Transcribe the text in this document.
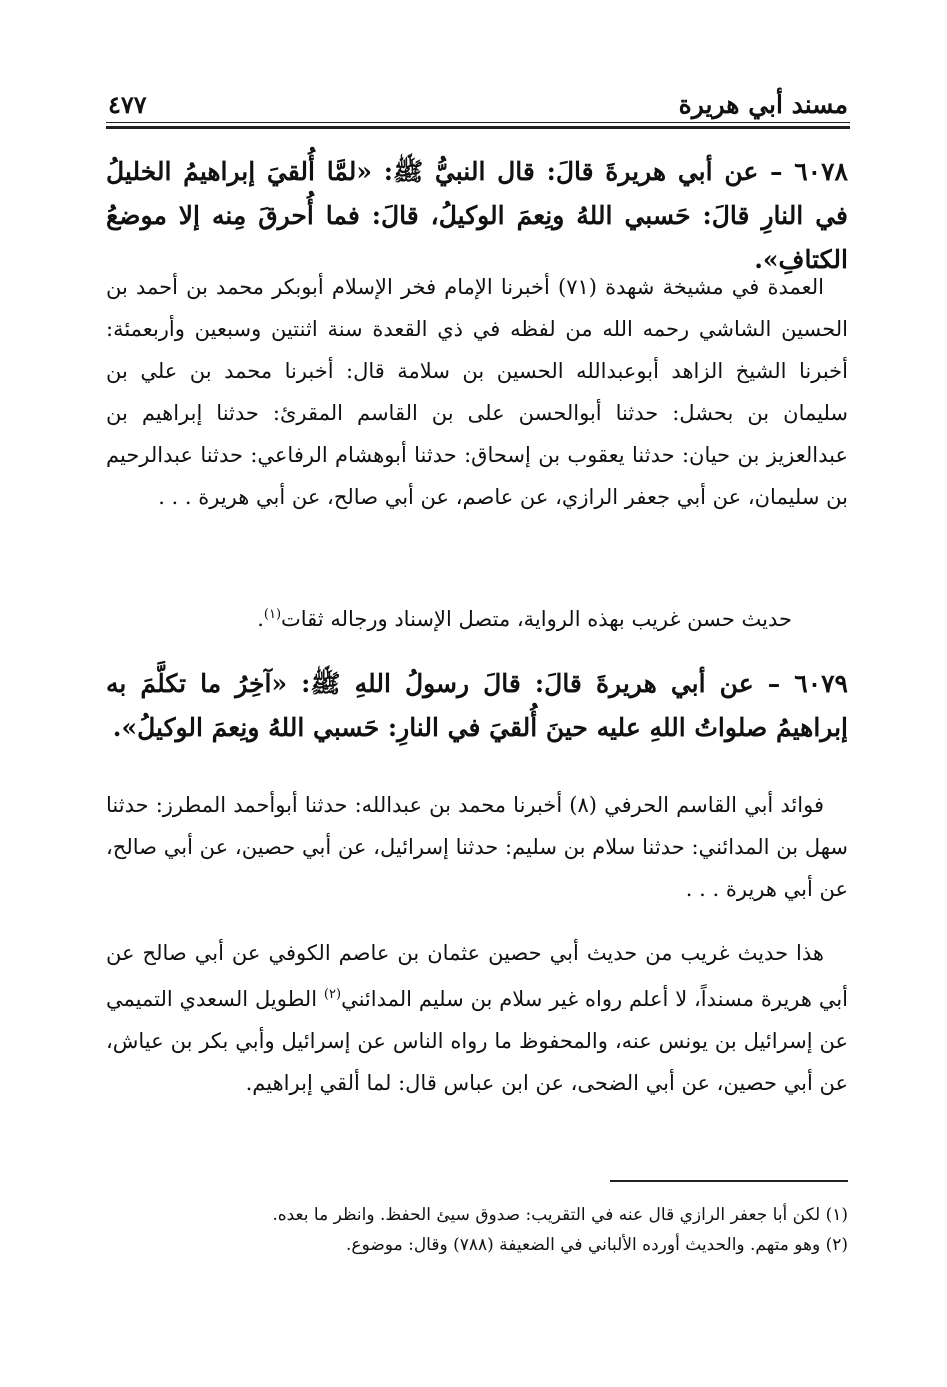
مسند أبي هريرة
٤٧٧
٦٠٧٨ – عن أبي هريرةَ قالَ: قال النبيُّ ﷺ: «لمَّا أُلقيَ إبراهيمُ الخليلُ في النارِ قالَ: حَسبي اللهُ ونِعمَ الوكيلُ، قالَ: فما أُحرقَ مِنه إلا موضعُ الكتافِ».
العمدة في مشيخة شهدة (٧١) أخبرنا الإمام فخر الإسلام أبوبكر محمد بن أحمد بن الحسين الشاشي رحمه الله من لفظه في ذي القعدة سنة اثنتين وسبعين وأربعمئة: أخبرنا الشيخ الزاهد أبوعبدالله الحسين بن سلامة قال: أخبرنا محمد بن علي بن سليمان بن بحشل: حدثنا أبوالحسن على بن القاسم المقرئ: حدثنا إبراهيم بن عبدالعزيز بن حيان: حدثنا يعقوب بن إسحاق: حدثنا أبوهشام الرفاعي: حدثنا عبدالرحيم بن سليمان، عن أبي جعفر الرازي، عن عاصم، عن أبي صالح، عن أبي هريرة . . .
حديث حسن غريب بهذه الرواية، متصل الإسناد ورجاله ثقات$^{(١)}$.
٦٠٧٩ – عن أبي هريرةَ قالَ: قالَ رسولُ اللهِ ﷺ: «آخِرُ ما تكلَّمَ به إبراهيمُ صلواتُ اللهِ عليه حينَ أُلقيَ في النارِ: حَسبي اللهُ ونِعمَ الوكيلُ».
فوائد أبي القاسم الحرفي (٨) أخبرنا محمد بن عبدالله: حدثنا أبوأحمد المطرز: حدثنا سهل بن المدائني: حدثنا سلام بن سليم: حدثنا إسرائيل، عن أبي حصين، عن أبي صالح، عن أبي هريرة . . .
هذا حديث غريب من حديث أبي حصين عثمان بن عاصم الكوفي عن أبي صالح عن أبي هريرة مسنداً، لا أعلم رواه غير سلام بن سليم المدائني$^{(٢)}$ الطويل السعدي التميمي عن إسرائيل بن يونس عنه، والمحفوظ ما رواه الناس عن إسرائيل وأبي بكر بن عياش، عن أبي حصين، عن أبي الضحى، عن ابن عباس قال: لما ألقي إبراهيم.
(١) لكن أبا جعفر الرازي قال عنه في التقريب: صدوق سيئ الحفظ. وانظر ما بعده.
(٢) وهو متهم. والحديث أورده الألباني في الضعيفة (٧٨٨) وقال: موضوع.
